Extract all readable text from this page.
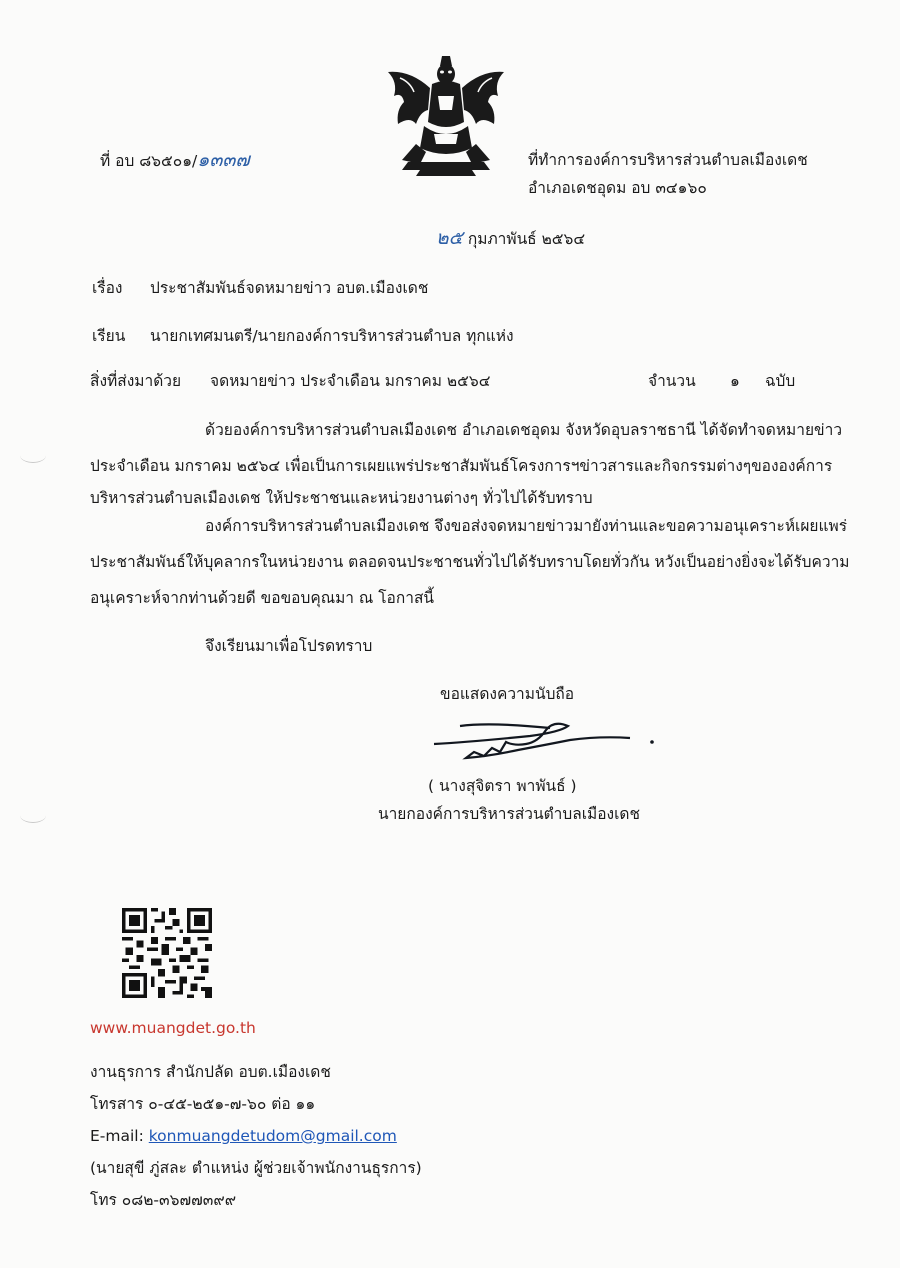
ที่ อบ ๘๖๕๐๑/๑๓๓๗	ที่ทำการองค์การบริหารส่วนตำบลเมืองเดช
อำเภอเดชอุดม อบ ๓๔๑๖๐
๒๕ กุมภาพันธ์ ๒๕๖๔
เรื่อง ประชาสัมพันธ์จดหมายข่าว อบต.เมืองเดช
เรียน นายกเทศมนตรี/นายกองค์การบริหารส่วนตำบล ทุกแห่ง
สิ่งที่ส่งมาด้วย จดหมายข่าว ประจำเดือน มกราคม ๒๕๖๔	จำนวน ๑ ฉบับ
ด้วยองค์การบริหารส่วนตำบลเมืองเดช อำเภอเดชอุดม จังหวัดอุบลราชธานี ได้จัดทำจดหมายข่าว
ประจำเดือน มกราคม ๒๕๖๔ เพื่อเป็นการเผยแพร่ประชาสัมพันธ์โครงการฯข่าวสารและกิจกรรมต่างๆขององค์การ
บริหารส่วนตำบลเมืองเดช ให้ประชาชนและหน่วยงานต่างๆ ทั่วไปได้รับทราบ
องค์การบริหารส่วนตำบลเมืองเดช จึงขอส่งจดหมายข่าวมายังท่านและขอความอนุเคราะห์เผยแพร่
ประชาสัมพันธ์ให้บุคลากรในหน่วยงาน ตลอดจนประชาชนทั่วไปได้รับทราบโดยทั่วกัน หวังเป็นอย่างยิ่งจะได้รับความ
อนุเคราะห์จากท่านด้วยดี ขอขอบคุณมา ณ โอกาสนี้
จึงเรียนมาเพื่อโปรดทราบ
ขอแสดงความนับถือ
( นางสุจิตรา พาพันธ์ )
นายกองค์การบริหารส่วนตำบลเมืองเดช
www.muangdet.go.th
งานธุรการ สำนักปลัด อบต.เมืองเดช
โทรสาร ๐-๔๕-๒๕๑-๗-๖๐ ต่อ ๑๑
E-mail: konmuangdetudom@gmail.com
(นายสุขี ภู่สละ ตำแหน่ง ผู้ช่วยเจ้าพนักงานธุรการ)
โทร ๐๘๒-๓๖๗๗๓๙๙
